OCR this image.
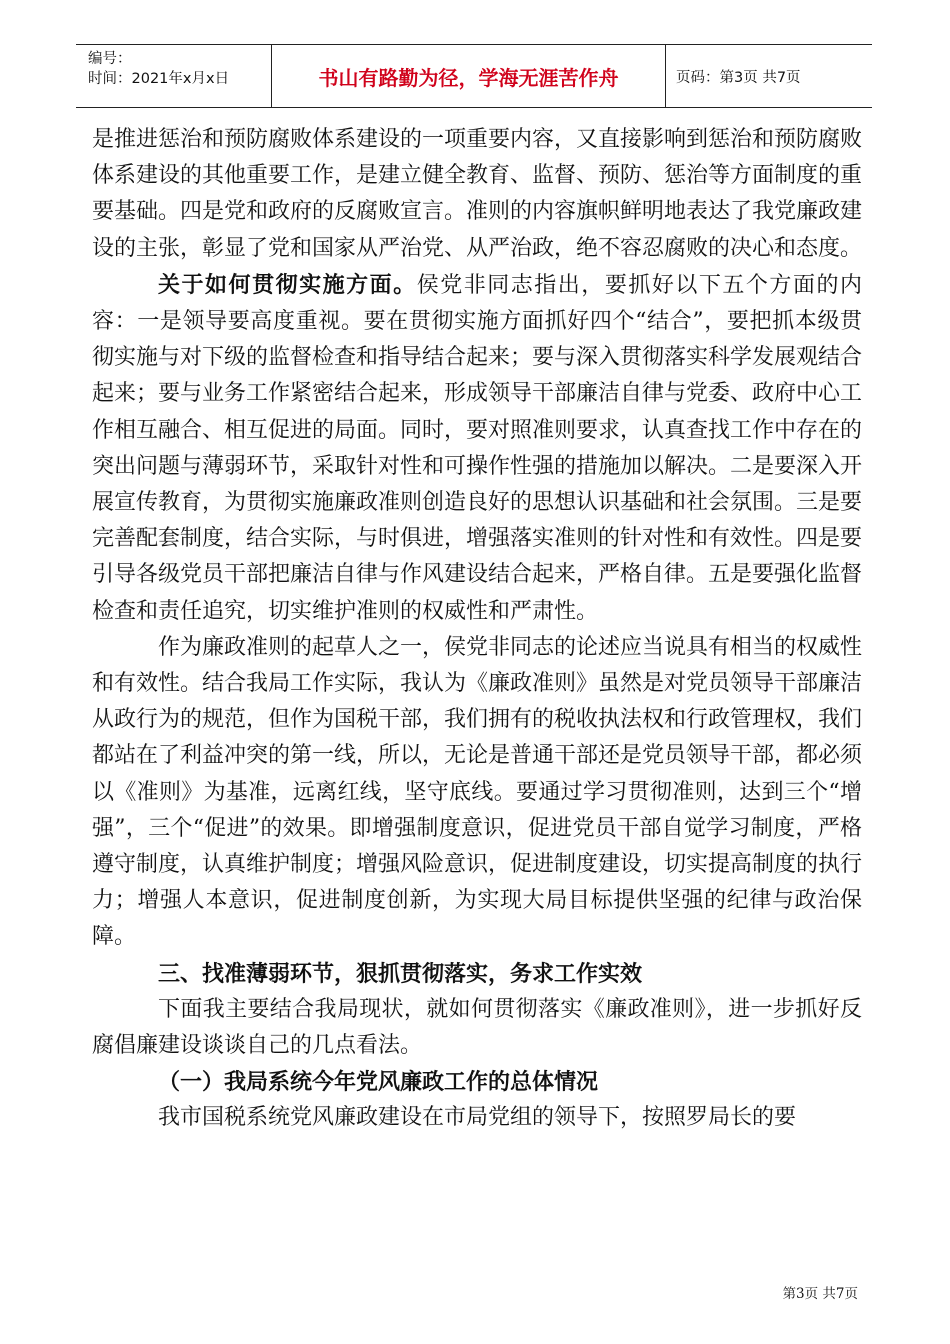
编号：
时间：2021年x月x日	书山有路勤为径，学海无涯苦作舟	页码：第3页 共7页

是推进惩治和预防腐败体系建设的一项重要内容，又直接影响到惩治和预防腐败体系建设的其他重要工作，是建立健全教育、监督、预防、惩治等方面制度的重要基础。四是党和政府的反腐败宣言。准则的内容旗帜鲜明地表达了我党廉政建设的主张，彰显了党和国家从严治党、从严治政，绝不容忍腐败的决心和态度。

关于如何贯彻实施方面。侯党非同志指出，要抓好以下五个方面的内容：一是领导要高度重视。要在贯彻实施方面抓好四个“结合”，要把抓本级贯彻实施与对下级的监督检查和指导结合起来；要与深入贯彻落实科学发展观结合起来；要与业务工作紧密结合起来，形成领导干部廉洁自律与党委、政府中心工作相互融合、相互促进的局面。同时，要对照准则要求，认真查找工作中存在的突出问题与薄弱环节，采取针对性和可操作性强的措施加以解决。二是要深入开展宣传教育，为贯彻实施廉政准则创造良好的思想认识基础和社会氛围。三是要完善配套制度，结合实际，与时俱进，增强落实准则的针对性和有效性。四是要引导各级党员干部把廉洁自律与作风建设结合起来，严格自律。五是要强化监督检查和责任追究，切实维护准则的权威性和严肃性。

作为廉政准则的起草人之一，侯党非同志的论述应当说具有相当的权威性和有效性。结合我局工作实际，我认为《廉政准则》虽然是对党员领导干部廉洁从政行为的规范，但作为国税干部，我们拥有的税收执法权和行政管理权，我们都站在了利益冲突的第一线，所以，无论是普通干部还是党员领导干部，都必须以《准则》为基准，远离红线，坚守底线。要通过学习贯彻准则，达到三个“增强”，三个“促进”的效果。即增强制度意识，促进党员干部自觉学习制度，严格遵守制度，认真维护制度；增强风险意识，促进制度建设，切实提高制度的执行力；增强人本意识，促进制度创新，为实现大局目标提供坚强的纪律与政治保障。

三、找准薄弱环节，狠抓贯彻落实，务求工作实效

下面我主要结合我局现状，就如何贯彻落实《廉政准则》，进一步抓好反腐倡廉建设谈谈自己的几点看法。

（一）我局系统今年党风廉政工作的总体情况

我市国税系统党风廉政建设在市局党组的领导下，按照罗局长的要

第3页 共7页
